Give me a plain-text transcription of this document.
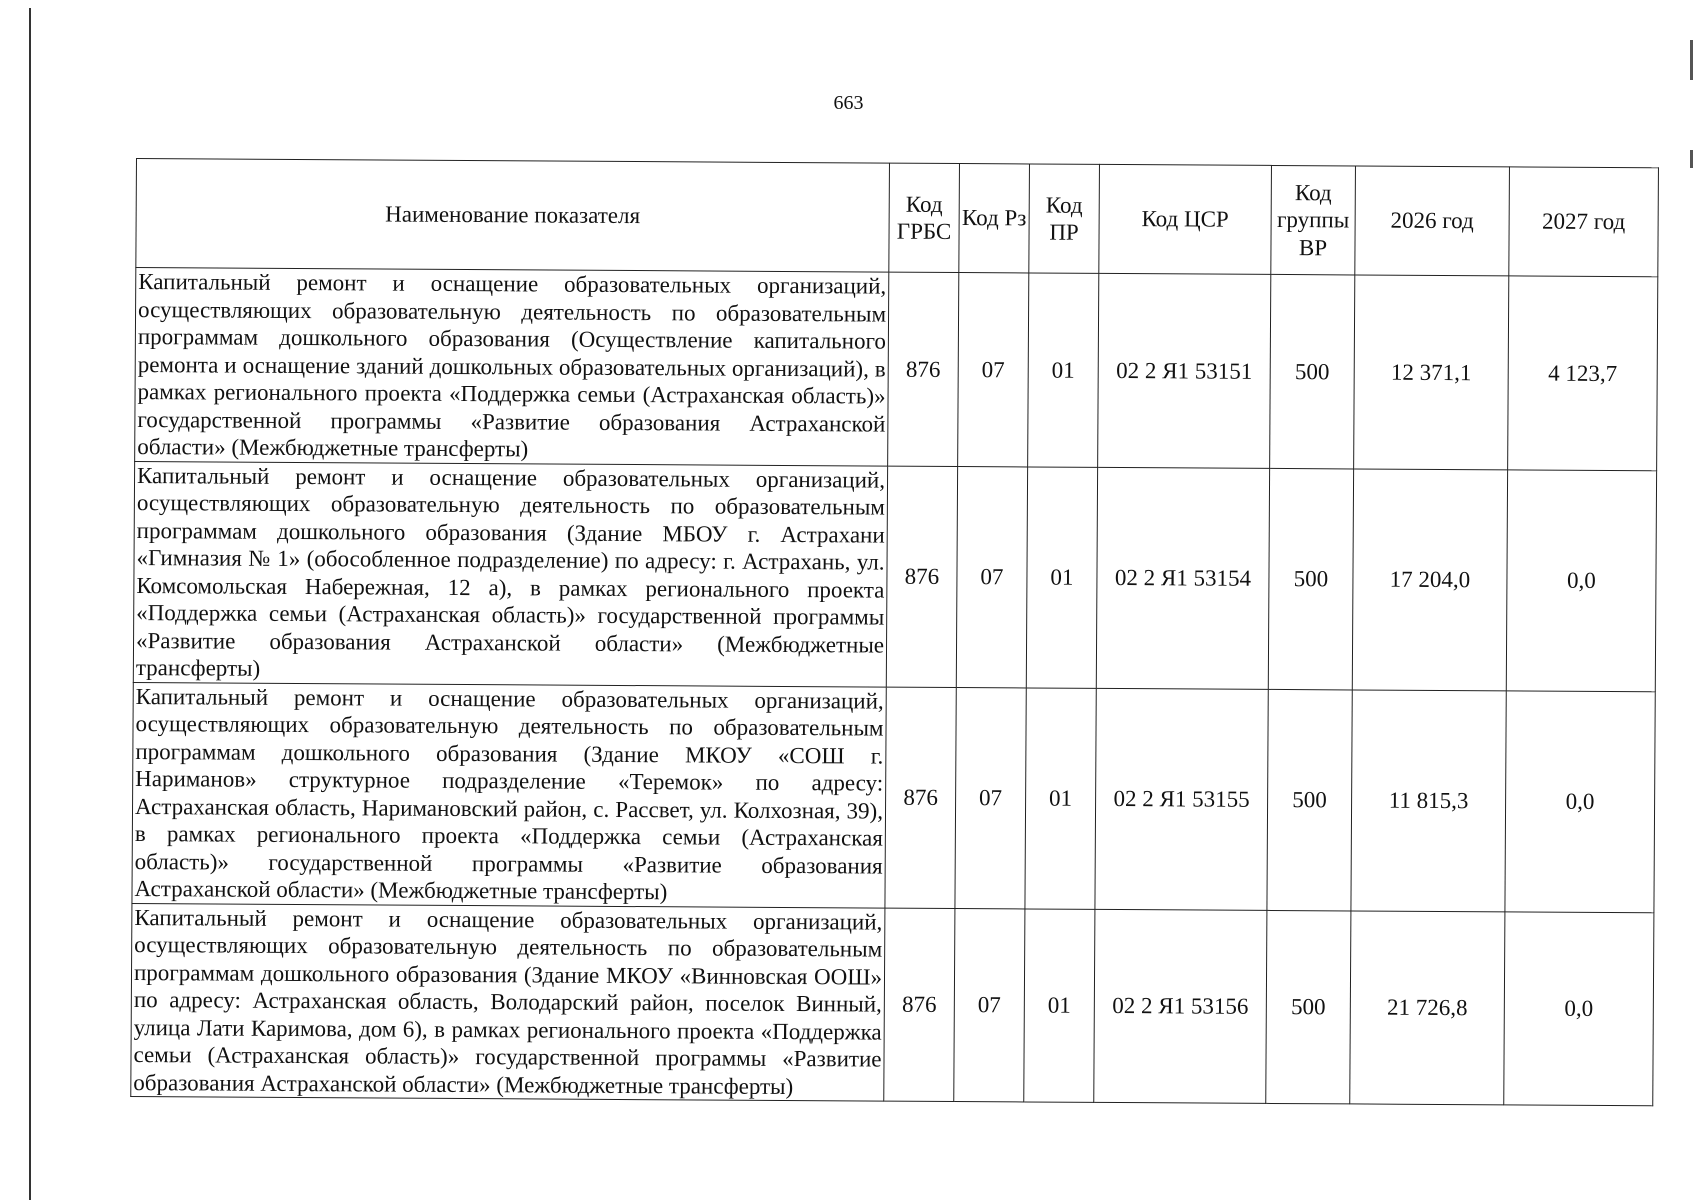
663
Наименование показателя	Код ГРБС	Код Рз	Код ПР	Код ЦСР	Код группы ВР	2026 год	2027 год
Капитальный ремонт и оснащение образовательных организаций, осуществляющих образовательную деятельность по образовательным программам дошкольного образования (Осуществление капитального ремонта и оснащение зданий дошкольных образовательных организаций), в рамках регионального проекта «Поддержка семьи (Астраханская область)» государственной программы «Развитие образования Астраханской области» (Межбюджетные трансферты)	876	07	01	02 2 Я1 53151	500	12 371,1	4 123,7
Капитальный ремонт и оснащение образовательных организаций, осуществляющих образовательную деятельность по образовательным программам дошкольного образования (Здание МБОУ г. Астрахани «Гимназия № 1» (обособленное подразделение) по адресу: г. Астрахань, ул. Комсомольская Набережная, 12 а), в рамках регионального проекта «Поддержка семьи (Астраханская область)» государственной программы «Развитие образования Астраханской области» (Межбюджетные трансферты)	876	07	01	02 2 Я1 53154	500	17 204,0	0,0
Капитальный ремонт и оснащение образовательных организаций, осуществляющих образовательную деятельность по образовательным программам дошкольного образования (Здание МКОУ «СОШ г. Нариманов» структурное подразделение «Теремок» по адресу: Астраханская область, Наримановский район, с. Рассвет, ул. Колхозная, 39), в рамках регионального проекта «Поддержка семьи (Астраханская область)» государственной программы «Развитие образования Астраханской области» (Межбюджетные трансферты)	876	07	01	02 2 Я1 53155	500	11 815,3	0,0
Капитальный ремонт и оснащение образовательных организаций, осуществляющих образовательную деятельность по образовательным программам дошкольного образования (Здание МКОУ «Винновская ООШ» по адресу: Астраханская область, Володарский район, поселок Винный, улица Лати Каримова, дом 6), в рамках регионального проекта «Поддержка семьи (Астраханская область)» государственной программы «Развитие образования Астраханской области» (Межбюджетные трансферты)	876	07	01	02 2 Я1 53156	500	21 726,8	0,0
